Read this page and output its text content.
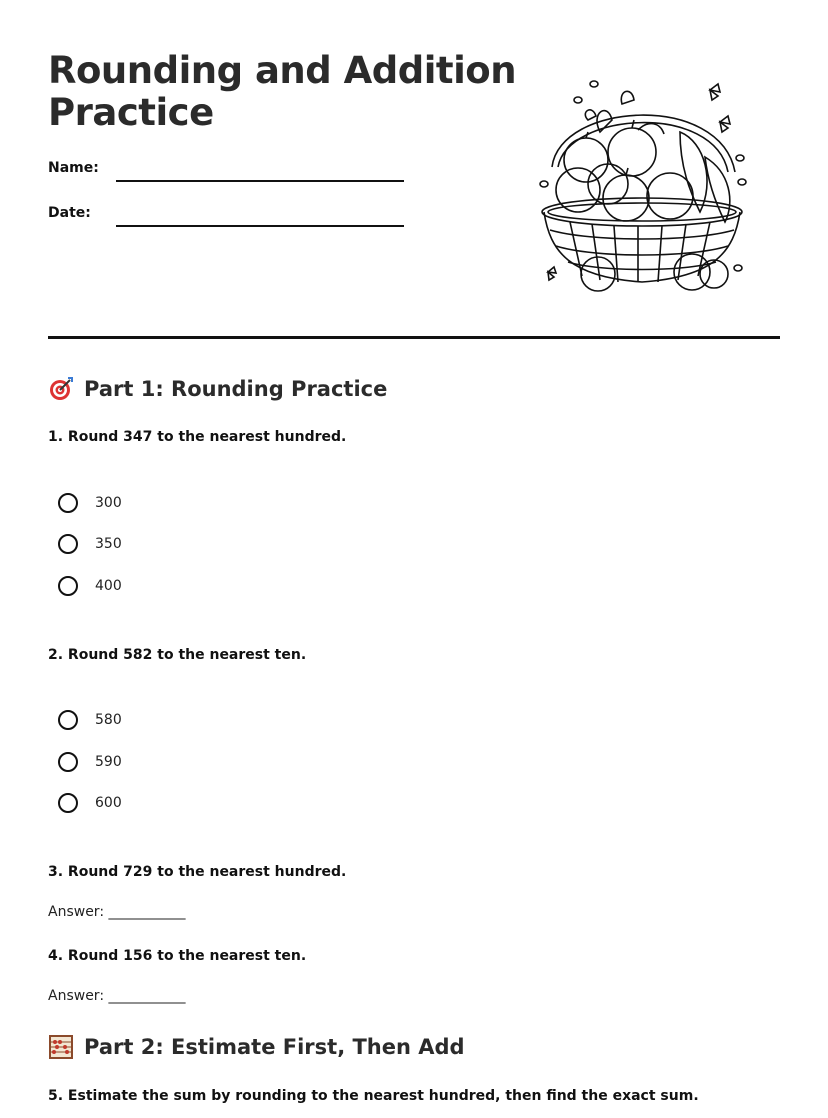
Rounding and Addition Practice
Name:
Date:
Part 1: Rounding Practice
1. Round 347 to the nearest hundred.
300
350
400
2. Round 582 to the nearest ten.
580
590
600
3. Round 729 to the nearest hundred.
Answer: ___________
4. Round 156 to the nearest ten.
Answer: ___________
Part 2: Estimate First, Then Add
5. Estimate the sum by rounding to the nearest hundred, then find the exact sum.
